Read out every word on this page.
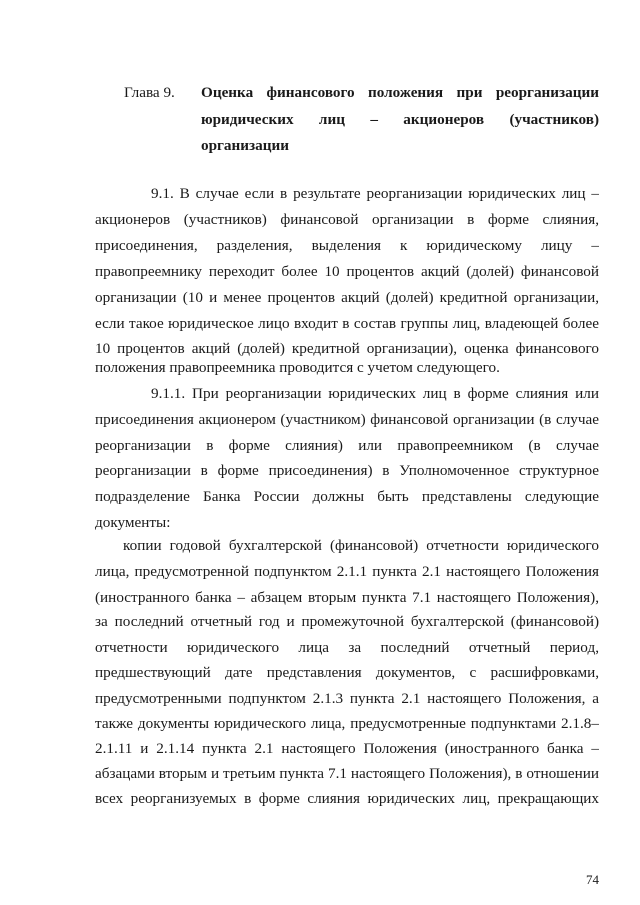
Глава 9. Оценка финансового положения при реорганизации
юридических лиц – акционеров (участников)
организации
9.1. В случае если в результате реорганизации юридических лиц –
акционеров (участников) финансовой организации в форме слияния,
присоединения, разделения, выделения к юридическому лицу –
правопреемнику переходит более 10 процентов акций (долей) финансовой
организации (10 и менее процентов акций (долей) кредитной организации,
если такое юридическое лицо входит в состав группы лиц, владеющей более
10 процентов акций (долей) кредитной организации), оценка финансового
положения правопреемника проводится с учетом следующего.
9.1.1. При реорганизации юридических лиц в форме слияния или
присоединения акционером (участником) финансовой организации (в случае
реорганизации в форме слияния) или правопреемником (в случае
реорганизации в форме присоединения) в Уполномоченное структурное
подразделение Банка России должны быть представлены следующие
документы:
копии годовой бухгалтерской (финансовой) отчетности юридического
лица, предусмотренной подпунктом 2.1.1 пункта 2.1 настоящего Положения
(иностранного банка – абзацем вторым пункта 7.1 настоящего Положения),
за последний отчетный год и промежуточной бухгалтерской (финансовой)
отчетности юридического лица за последний отчетный период,
предшествующий дате представления документов, с расшифровками,
предусмотренными подпунктом 2.1.3 пункта 2.1 настоящего Положения, а
также документы юридического лица, предусмотренные подпунктами 2.1.8–
2.1.11 и 2.1.14 пункта 2.1 настоящего Положения (иностранного банка –
абзацами вторым и третьим пункта 7.1 настоящего Положения), в отношении
всех реорганизуемых в форме слияния юридических лиц, прекращающих
74
